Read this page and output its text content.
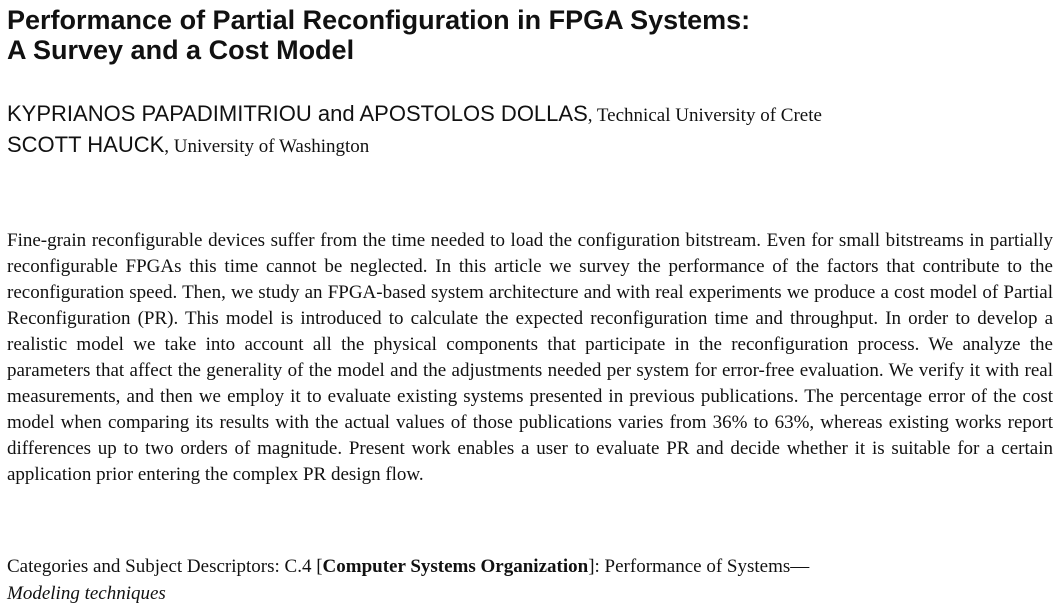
Performance of Partial Reconfiguration in FPGA Systems:
A Survey and a Cost Model
KYPRIANOS PAPADIMITRIOU and APOSTOLOS DOLLAS, Technical University of Crete
SCOTT HAUCK, University of Washington

Fine-grain reconfigurable devices suffer from the time needed to load the configuration bitstream. Even for small bitstreams in partially reconfigurable FPGAs this time cannot be neglected. In this article we survey the performance of the factors that contribute to the reconfiguration speed. Then, we study an FPGA-based system architecture and with real experiments we produce a cost model of Partial Reconfiguration (PR). This model is introduced to calculate the expected reconfiguration time and throughput. In order to develop a realistic model we take into account all the physical components that participate in the reconfiguration process. We analyze the parameters that affect the generality of the model and the adjustments needed per system for error-free evaluation. We verify it with real measurements, and then we employ it to evaluate existing systems presented in previous publications. The percentage error of the cost model when comparing its results with the actual values of those publications varies from 36% to 63%, whereas existing works report differences up to two orders of magnitude. Present work enables a user to evaluate PR and decide whether it is suitable for a certain application prior entering the complex PR design flow.

Categories and Subject Descriptors: C.4 [Computer Systems Organization]: Performance of Systems—
Modeling techniques
